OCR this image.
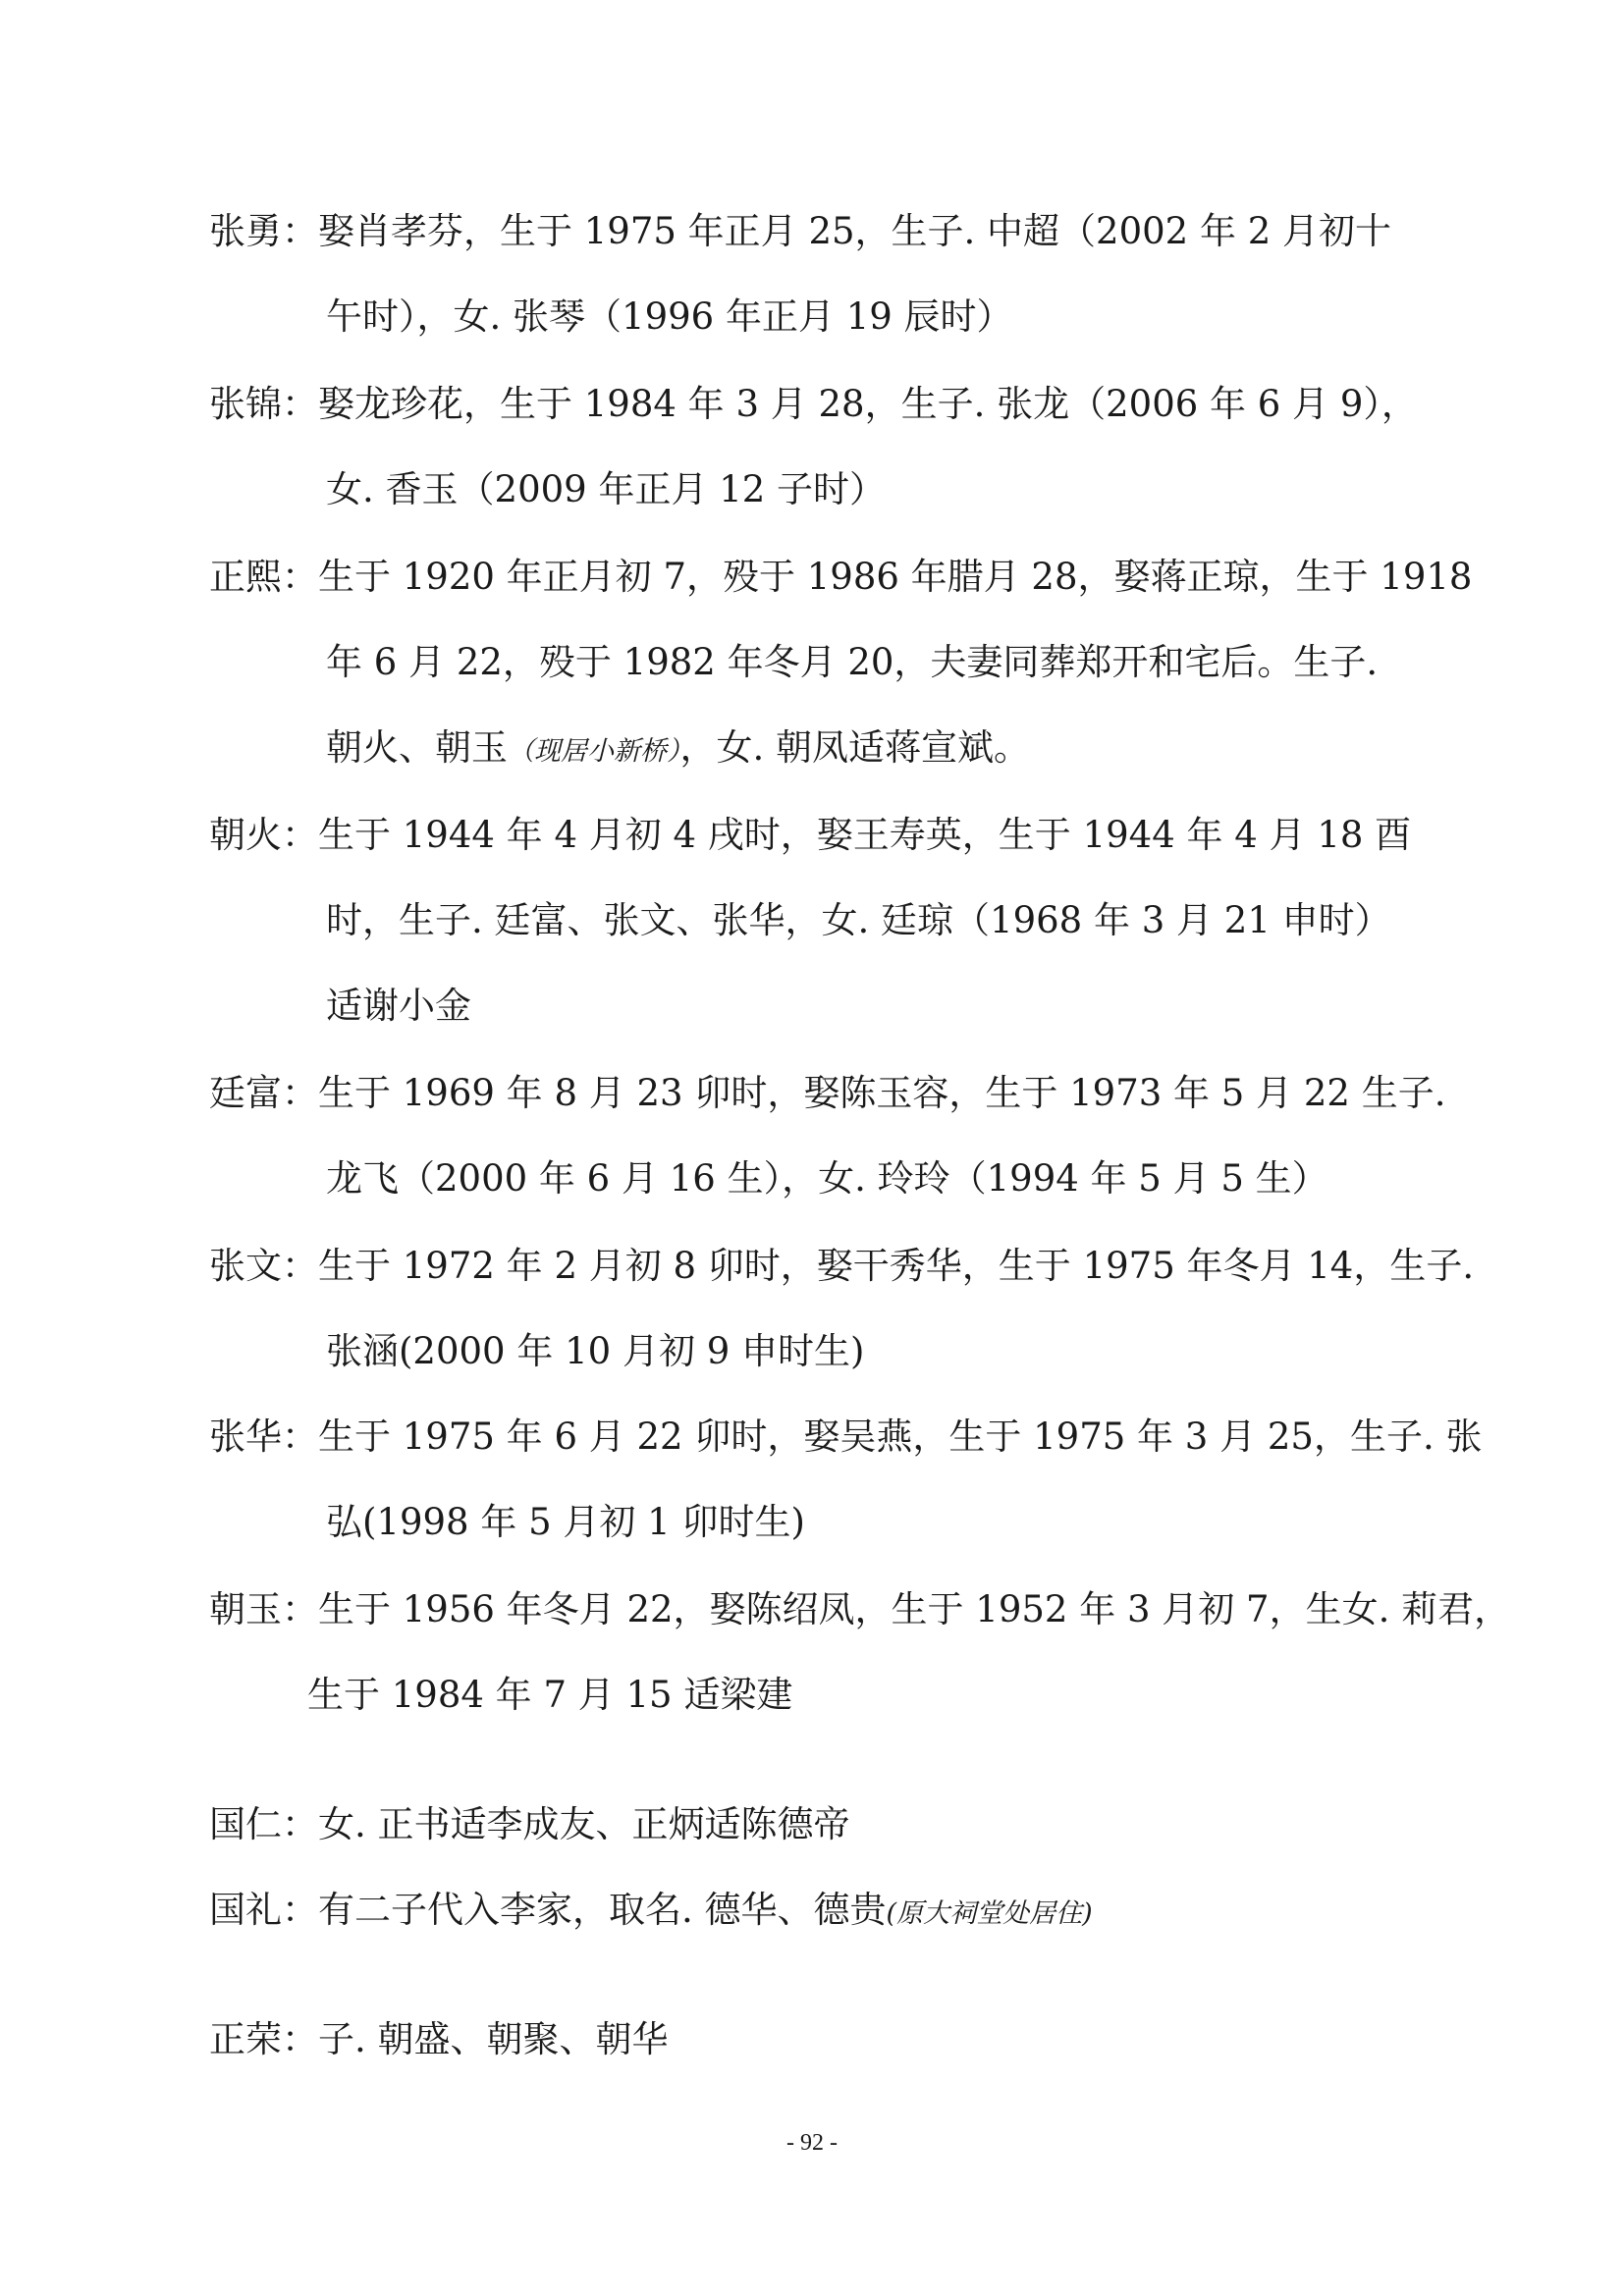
张勇：娶肖孝芬，生于 1975 年正月 25，生子. 中超（2002 年 2 月初十
午时），女. 张琴（1996 年正月 19 辰时）
张锦：娶龙珍花，生于 1984 年 3 月 28，生子. 张龙（2006 年 6 月 9），
女. 香玉（2009 年正月 12 子时）
正熙：生于 1920 年正月初 7，殁于 1986 年腊月 28，娶蒋正琼，生于 1918
年 6 月 22，殁于 1982 年冬月 20，夫妻同葬郑开和宅后。生子.
朝火、朝玉（现居小新桥），女. 朝凤适蒋宣斌。
朝火：生于 1944 年 4 月初 4 戌时，娶王寿英，生于 1944 年 4 月 18 酉
时，生子. 廷富、张文、张华，女. 廷琼（1968 年 3 月 21 申时）
适谢小金
廷富：生于 1969 年 8 月 23 卯时，娶陈玉容，生于 1973 年 5 月 22 生子.
龙飞（2000 年 6 月 16 生），女. 玲玲（1994 年 5 月 5 生）
张文：生于 1972 年 2 月初 8 卯时，娶干秀华，生于 1975 年冬月 14，生子.
张涵(2000 年 10 月初 9 申时生)
张华：生于 1975 年 6 月 22 卯时，娶吴燕，生于 1975 年 3 月 25，生子. 张
弘(1998 年 5 月初 1 卯时生)
朝玉：生于 1956 年冬月 22，娶陈绍凤，生于 1952 年 3 月初 7，生女. 莉君，
生于 1984 年 7 月 15 适梁建
国仁：女. 正书适李成友、正炳适陈德帝
国礼：有二子代入李家，取名. 德华、德贵(原大祠堂处居住)
正荣：子. 朝盛、朝聚、朝华
- 92 -
